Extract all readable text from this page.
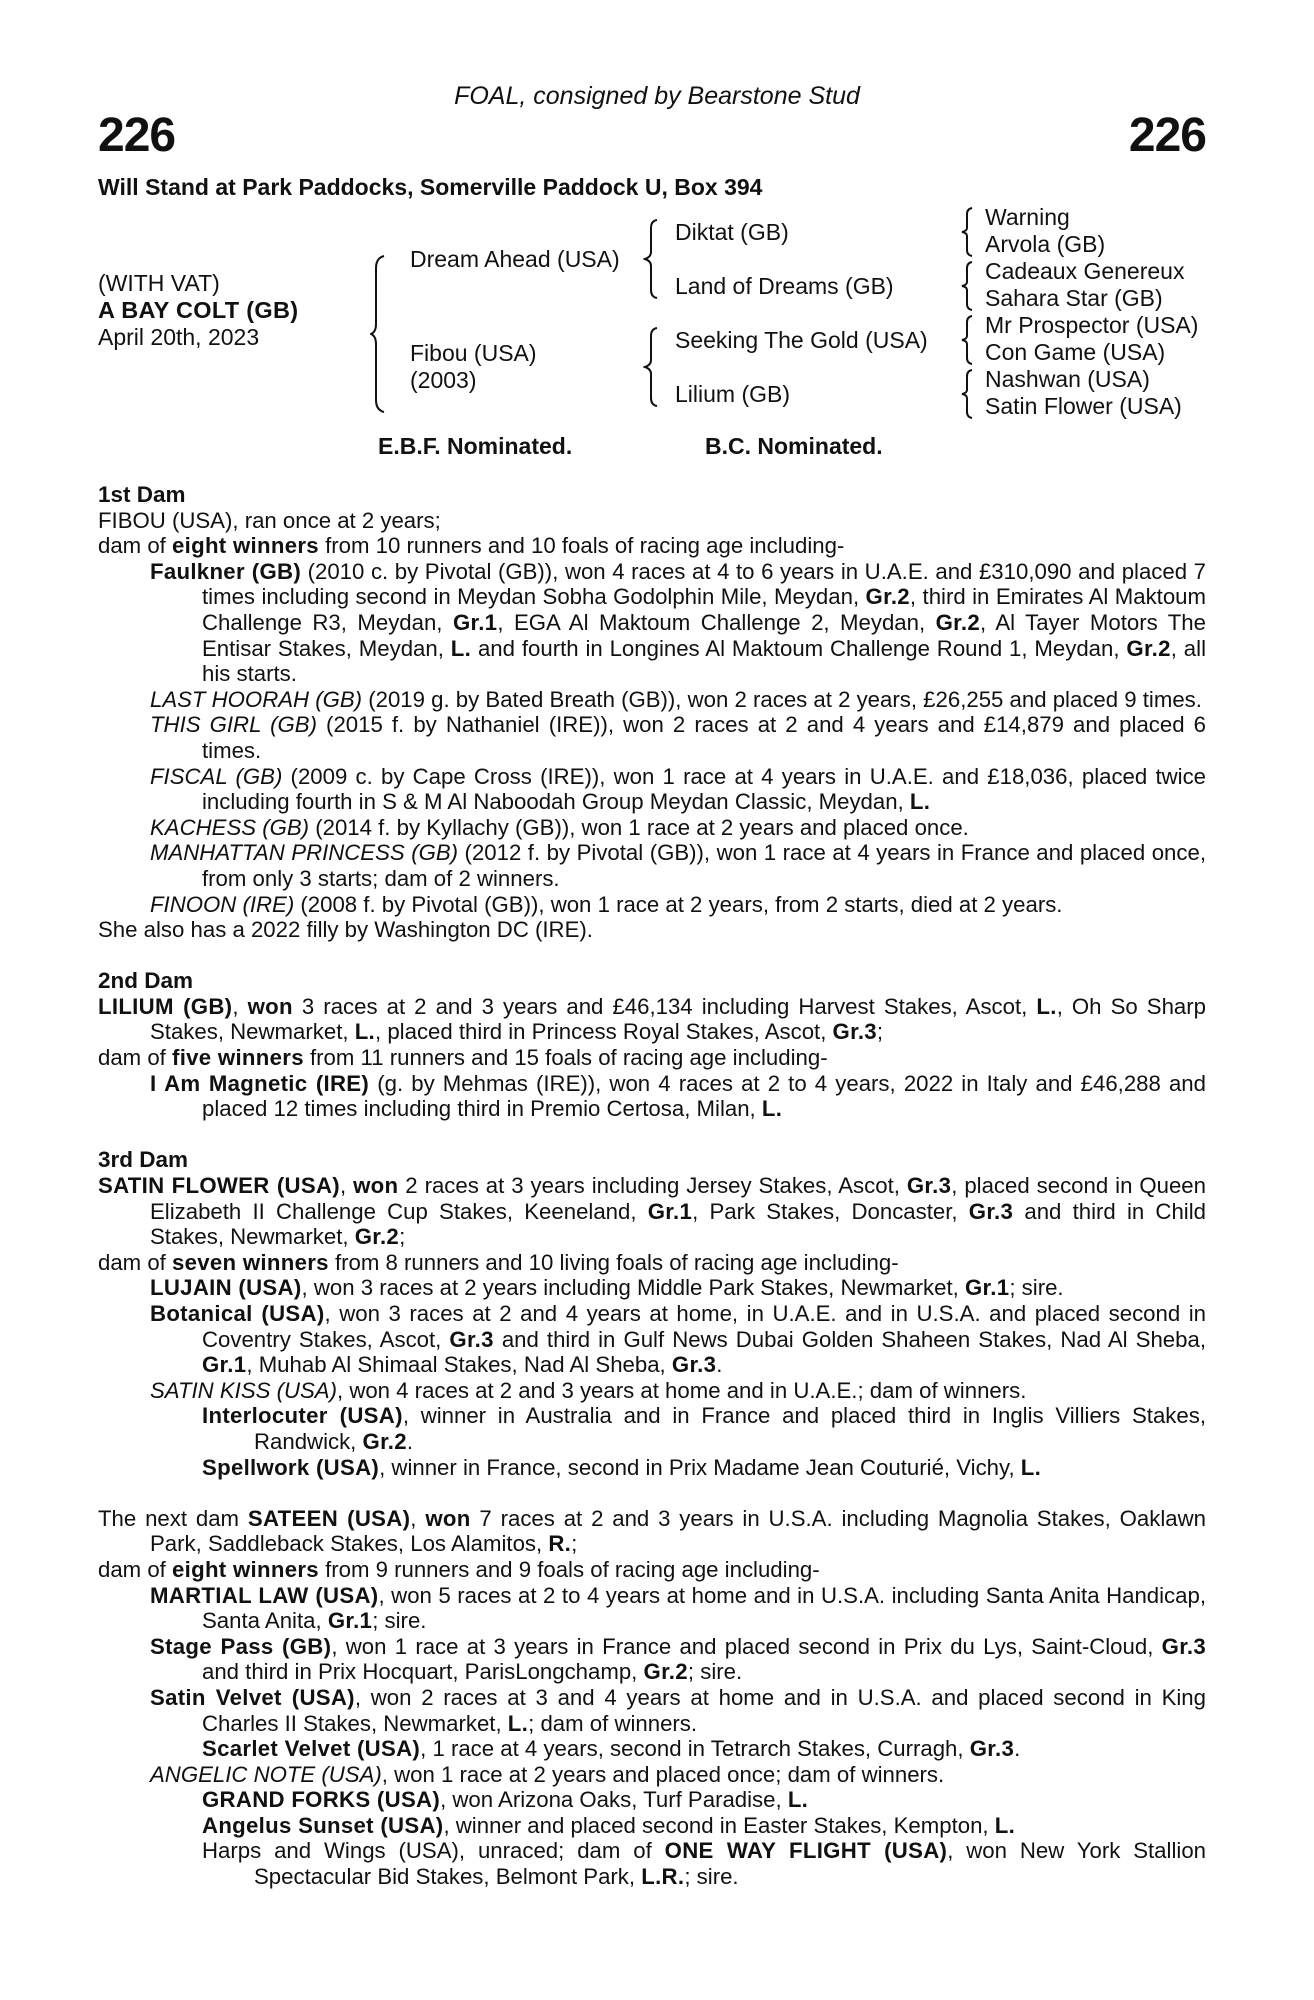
FOAL, consigned by Bearstone Stud
226	226
Will Stand at Park Paddocks, Somerville Paddock U, Box 394
(WITH VAT)
A BAY COLT (GB)
April 20th, 2023
Dream Ahead (USA)
Fibou (USA)
(2003)
Diktat (GB)
Land of Dreams (GB)
Seeking The Gold (USA)
Lilium (GB)
Warning
Arvola (GB)
Cadeaux Genereux
Sahara Star (GB)
Mr Prospector (USA)
Con Game (USA)
Nashwan (USA)
Satin Flower (USA)
E.B.F. Nominated.	B.C. Nominated.
1st Dam
FIBOU (USA), ran once at 2 years;
dam of eight winners from 10 runners and 10 foals of racing age including-
Faulkner (GB) (2010 c. by Pivotal (GB)), won 4 races at 4 to 6 years in U.A.E. and £310,090 and placed 7 times including second in Meydan Sobha Godolphin Mile, Meydan, Gr.2, third in Emirates Al Maktoum Challenge R3, Meydan, Gr.1, EGA Al Maktoum Challenge 2, Meydan, Gr.2, Al Tayer Motors The Entisar Stakes, Meydan, L. and fourth in Longines Al Maktoum Challenge Round 1, Meydan, Gr.2, all his starts.
LAST HOORAH (GB) (2019 g. by Bated Breath (GB)), won 2 races at 2 years, £26,255 and placed 9 times.
THIS GIRL (GB) (2015 f. by Nathaniel (IRE)), won 2 races at 2 and 4 years and £14,879 and placed 6 times.
FISCAL (GB) (2009 c. by Cape Cross (IRE)), won 1 race at 4 years in U.A.E. and £18,036, placed twice including fourth in S & M Al Naboodah Group Meydan Classic, Meydan, L.
KACHESS (GB) (2014 f. by Kyllachy (GB)), won 1 race at 2 years and placed once.
MANHATTAN PRINCESS (GB) (2012 f. by Pivotal (GB)), won 1 race at 4 years in France and placed once, from only 3 starts; dam of 2 winners.
FINOON (IRE) (2008 f. by Pivotal (GB)), won 1 race at 2 years, from 2 starts, died at 2 years.
She also has a 2022 filly by Washington DC (IRE).
2nd Dam
LILIUM (GB), won 3 races at 2 and 3 years and £46,134 including Harvest Stakes, Ascot, L., Oh So Sharp Stakes, Newmarket, L., placed third in Princess Royal Stakes, Ascot, Gr.3;
dam of five winners from 11 runners and 15 foals of racing age including-
I Am Magnetic (IRE) (g. by Mehmas (IRE)), won 4 races at 2 to 4 years, 2022 in Italy and £46,288 and placed 12 times including third in Premio Certosa, Milan, L.
3rd Dam
SATIN FLOWER (USA), won 2 races at 3 years including Jersey Stakes, Ascot, Gr.3, placed second in Queen Elizabeth II Challenge Cup Stakes, Keeneland, Gr.1, Park Stakes, Doncaster, Gr.3 and third in Child Stakes, Newmarket, Gr.2;
dam of seven winners from 8 runners and 10 living foals of racing age including-
LUJAIN (USA), won 3 races at 2 years including Middle Park Stakes, Newmarket, Gr.1; sire.
Botanical (USA), won 3 races at 2 and 4 years at home, in U.A.E. and in U.S.A. and placed second in Coventry Stakes, Ascot, Gr.3 and third in Gulf News Dubai Golden Shaheen Stakes, Nad Al Sheba, Gr.1, Muhab Al Shimaal Stakes, Nad Al Sheba, Gr.3.
SATIN KISS (USA), won 4 races at 2 and 3 years at home and in U.A.E.; dam of winners.
Interlocuter (USA), winner in Australia and in France and placed third in Inglis Villiers Stakes, Randwick, Gr.2.
Spellwork (USA), winner in France, second in Prix Madame Jean Couturié, Vichy, L.
The next dam SATEEN (USA), won 7 races at 2 and 3 years in U.S.A. including Magnolia Stakes, Oaklawn Park, Saddleback Stakes, Los Alamitos, R.;
dam of eight winners from 9 runners and 9 foals of racing age including-
MARTIAL LAW (USA), won 5 races at 2 to 4 years at home and in U.S.A. including Santa Anita Handicap, Santa Anita, Gr.1; sire.
Stage Pass (GB), won 1 race at 3 years in France and placed second in Prix du Lys, Saint-Cloud, Gr.3 and third in Prix Hocquart, ParisLongchamp, Gr.2; sire.
Satin Velvet (USA), won 2 races at 3 and 4 years at home and in U.S.A. and placed second in King Charles II Stakes, Newmarket, L.; dam of winners.
Scarlet Velvet (USA), 1 race at 4 years, second in Tetrarch Stakes, Curragh, Gr.3.
ANGELIC NOTE (USA), won 1 race at 2 years and placed once; dam of winners.
GRAND FORKS (USA), won Arizona Oaks, Turf Paradise, L.
Angelus Sunset (USA), winner and placed second in Easter Stakes, Kempton, L.
Harps and Wings (USA), unraced; dam of ONE WAY FLIGHT (USA), won New York Stallion Spectacular Bid Stakes, Belmont Park, L.R.; sire.
